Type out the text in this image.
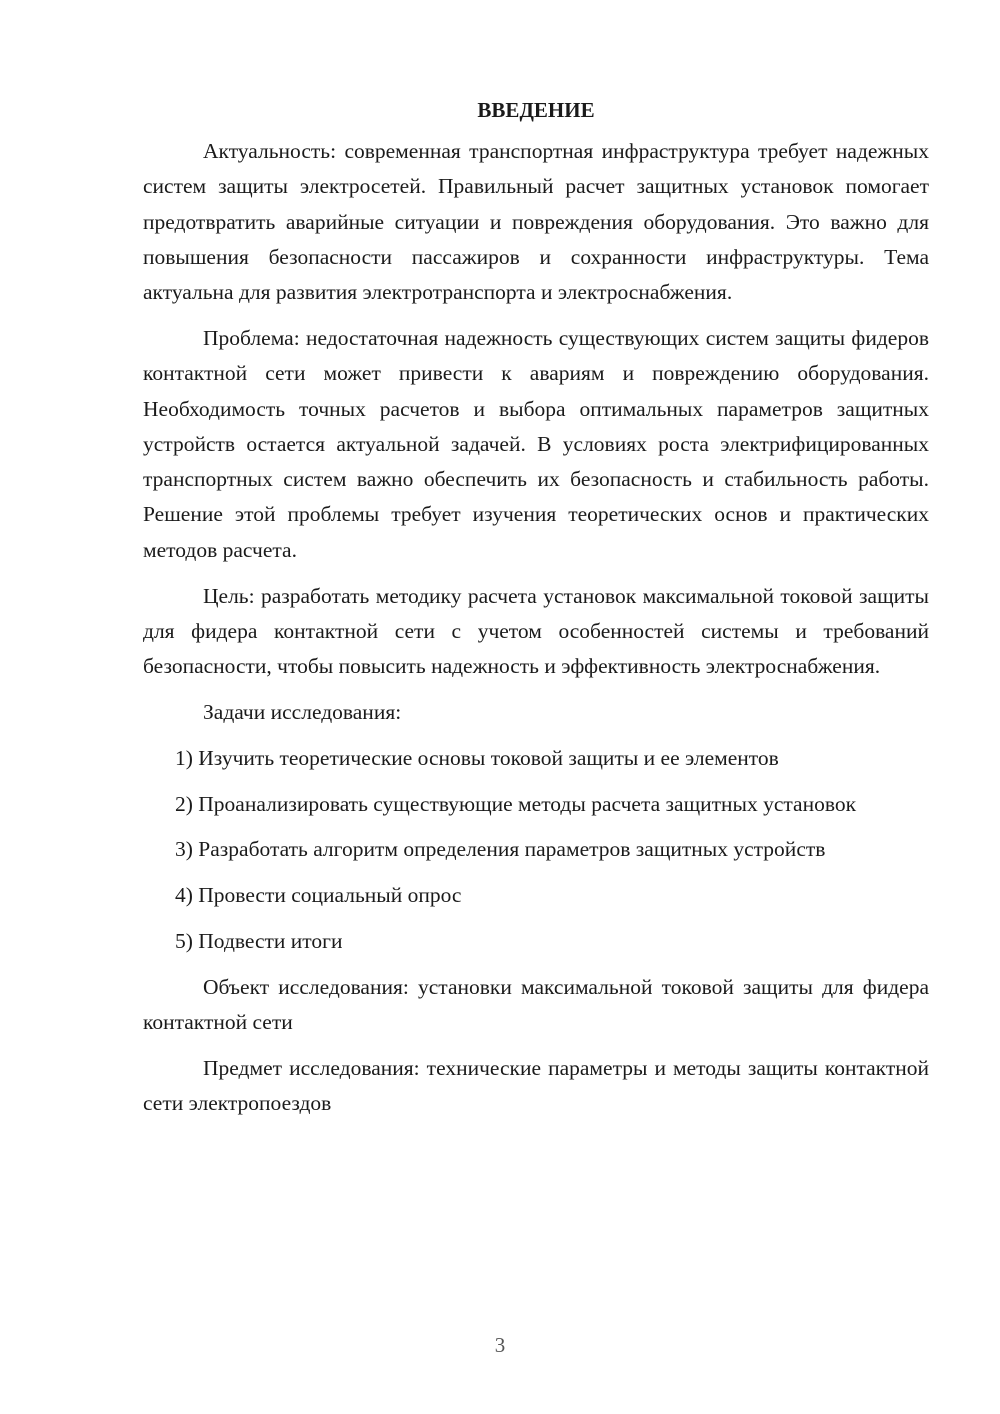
ВВЕДЕНИЕ

Актуальность: современная транспортная инфраструктура требует надежных систем защиты электросетей. Правильный расчет защитных установок помогает предотвратить аварийные ситуации и повреждения оборудования. Это важно для повышения безопасности пассажиров и сохранности инфраструктуры. Тема актуальна для развития электротранспорта и электроснабжения.

Проблема: недостаточная надежность существующих систем защиты фидеров контактной сети может привести к авариям и повреждению оборудования. Необходимость точных расчетов и выбора оптимальных параметров защитных устройств остается актуальной задачей. В условиях роста электрифицированных транспортных систем важно обеспечить их безопасность и стабильность работы. Решение этой проблемы требует изучения теоретических основ и практических методов расчета.

Цель: разработать методику расчета установок максимальной токовой защиты для фидера контактной сети с учетом особенностей системы и требований безопасности, чтобы повысить надежность и эффективность электроснабжения.

Задачи исследования:

1) Изучить теоретические основы токовой защиты и ее элементов

2) Проанализировать существующие методы расчета защитных установок

3) Разработать алгоритм определения параметров защитных устройств

4) Провести социальный опрос

5) Подвести итоги

Объект исследования: установки максимальной токовой защиты для фидера контактной сети

Предмет исследования: технические параметры и методы защиты контактной сети электропоездов

3
